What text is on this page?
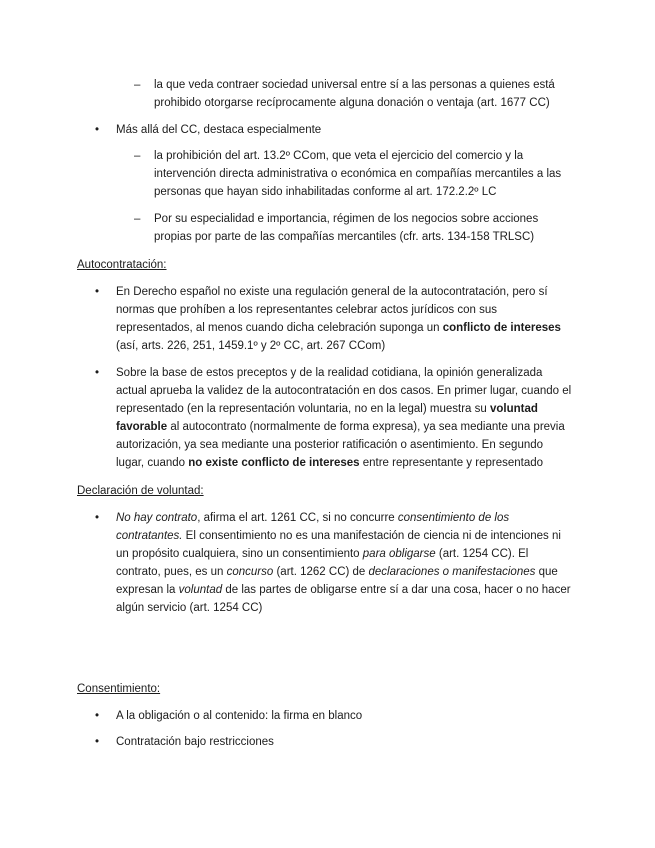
– la que veda contraer sociedad universal entre sí a las personas a quienes está
prohibido otorgarse recíprocamente alguna donación o ventaja (art. 1677 CC)
• Más allá del CC, destaca especialmente
– la prohibición del art. 13.2º CCom, que veta el ejercicio del comercio y la
intervención directa administrativa o económica en compañías mercantiles a las
personas que hayan sido inhabilitadas conforme al art. 172.2.2º LC
– Por su especialidad e importancia, régimen de los negocios sobre acciones
propias por parte de las compañías mercantiles (cfr. arts. 134-158 TRLSC)
Autocontratación:
• En Derecho español no existe una regulación general de la autocontratación, pero sí
normas que prohíben a los representantes celebrar actos jurídicos con sus
representados, al menos cuando dicha celebración suponga un conflicto de intereses
(así, arts. 226, 251, 1459.1º y 2º CC, art. 267 CCom)
• Sobre la base de estos preceptos y de la realidad cotidiana, la opinión generalizada
actual aprueba la validez de la autocontratación en dos casos. En primer lugar, cuando el
representado (en la representación voluntaria, no en la legal) muestra su voluntad
favorable al autocontrato (normalmente de forma expresa), ya sea mediante una previa
autorización, ya sea mediante una posterior ratificación o asentimiento. En segundo
lugar, cuando no existe conflicto de intereses entre representante y representado
Declaración de voluntad:
• No hay contrato, afirma el art. 1261 CC, si no concurre consentimiento de los
contratantes. El consentimiento no es una manifestación de ciencia ni de intenciones ni
un propósito cualquiera, sino un consentimiento para obligarse (art. 1254 CC). El
contrato, pues, es un concurso (art. 1262 CC) de declaraciones o manifestaciones que
expresan la voluntad de las partes de obligarse entre sí a dar una cosa, hacer o no hacer
algún servicio (art. 1254 CC)
Consentimiento:
• A la obligación o al contenido: la firma en blanco
• Contratación bajo restricciones
